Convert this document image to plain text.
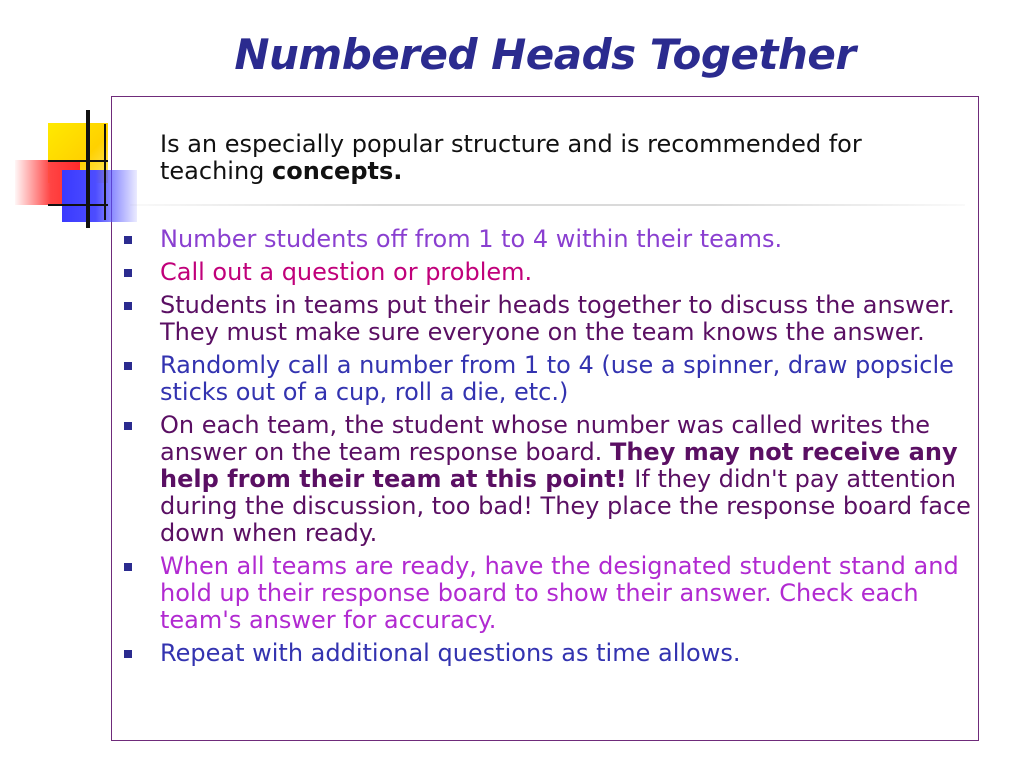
Numbered Heads Together

Is an especially popular structure and is recommended for teaching concepts.

Number students off from 1 to 4 within their teams.
Call out a question or problem.
Students in teams put their heads together to discuss the answer. They must make sure everyone on the team knows the answer.
Randomly call a number from 1 to 4 (use a spinner, draw popsicle sticks out of a cup, roll a die, etc.)
On each team, the student whose number was called writes the answer on the team response board. They may not receive any help from their team at this point! If they didn't pay attention during the discussion, too bad! They place the response board face down when ready.
When all teams are ready, have the designated student stand and hold up their response board to show their answer. Check each team's answer for accuracy.
Repeat with additional questions as time allows.
